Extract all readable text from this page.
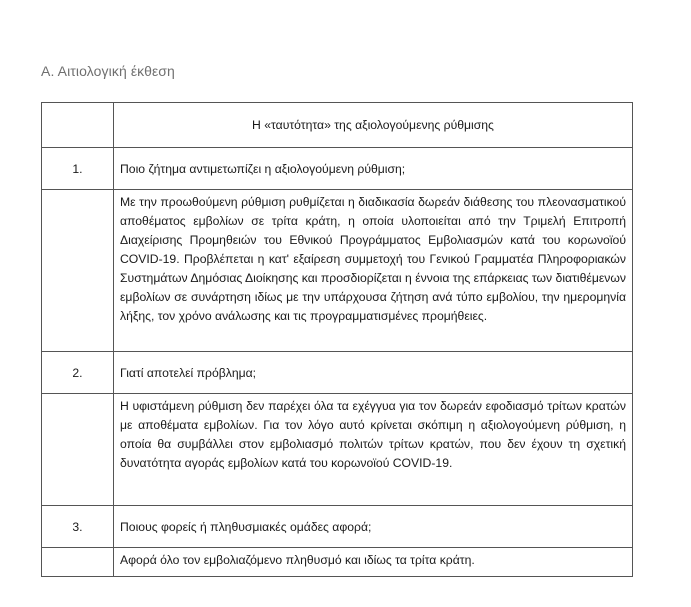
Α. Αιτιολογική έκθεση
	Η «ταυτότητα» της αξιολογούμενης ρύθμισης
1.	Ποιο ζήτημα αντιμετωπίζει η αξιολογούμενη ρύθμιση;
	Με την προωθούμενη ρύθμιση ρυθμίζεται η διαδικασία δωρεάν διάθεσης του πλεονασματικού αποθέματος εμβολίων σε τρίτα κράτη, η οποία υλοποιείται από την Τριμελή Επιτροπή Διαχείρισης Προμηθειών του Εθνικού Προγράμματος Εμβολιασμών κατά του κορωνοϊού COVID-19. Προβλέπεται η κατ' εξαίρεση συμμετοχή του Γενικού Γραμματέα Πληροφοριακών Συστημάτων Δημόσιας Διοίκησης και προσδιορίζεται η έννοια της επάρκειας των διατιθέμενων εμβολίων σε συνάρτηση ιδίως με την υπάρχουσα ζήτηση ανά τύπο εμβολίου, την ημερομηνία λήξης, τον χρόνο ανάλωσης και τις προγραμματισμένες προμήθειες.
2.	Γιατί αποτελεί πρόβλημα;
	Η υφιστάμενη ρύθμιση δεν παρέχει όλα τα εχέγγυα για τον δωρεάν εφοδιασμό τρίτων κρατών με αποθέματα εμβολίων. Για τον λόγο αυτό κρίνεται σκόπιμη η αξιολογούμενη ρύθμιση, η οποία θα συμβάλλει στον εμβολιασμό πολιτών τρίτων κρατών, που δεν έχουν τη σχετική δυνατότητα αγοράς εμβολίων κατά του κορωνοϊού COVID-19.
3.	Ποιους φορείς ή πληθυσμιακές ομάδες αφορά;
	Αφορά όλο τον εμβολιαζόμενο πληθυσμό και ιδίως τα τρίτα κράτη.
